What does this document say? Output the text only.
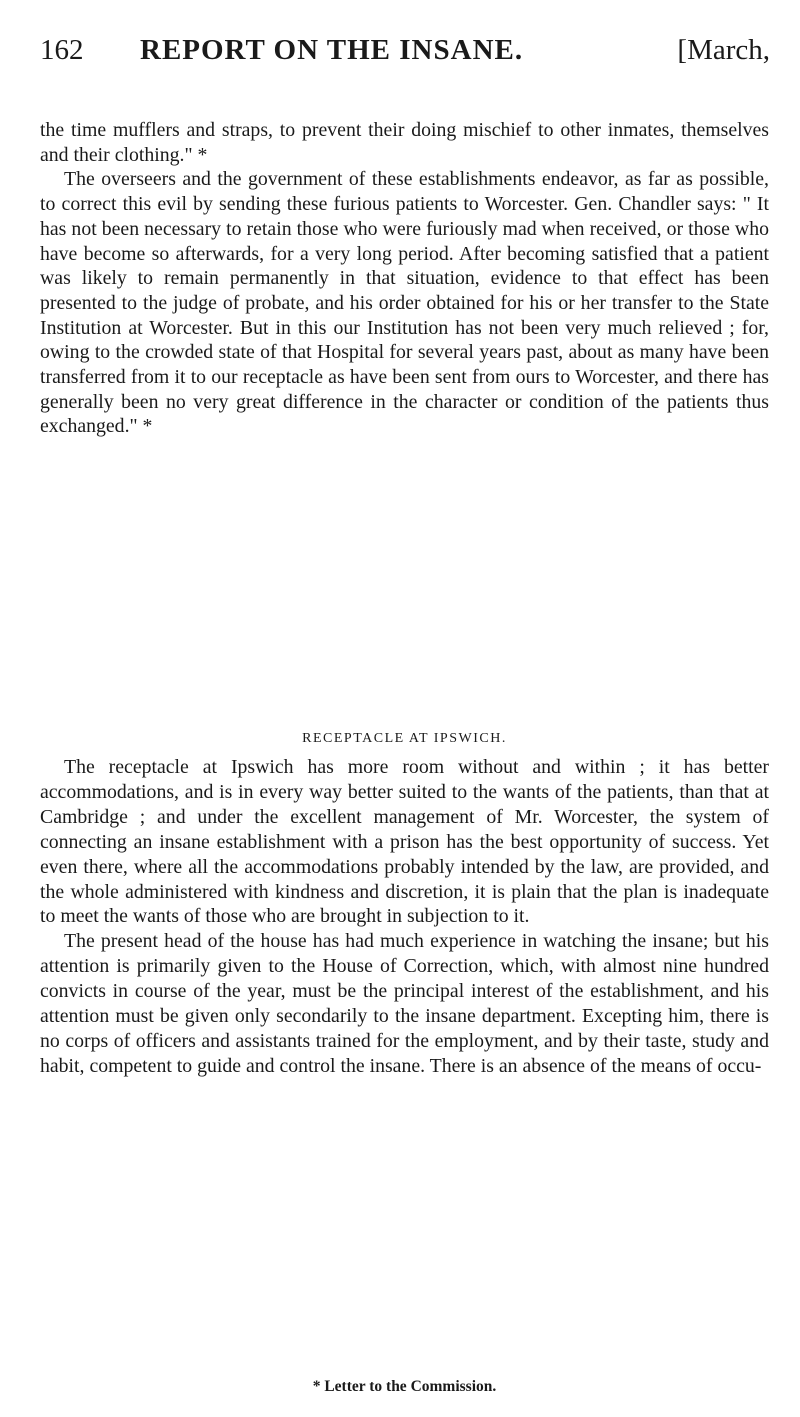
162 REPORT ON THE INSANE.	[March,

the time mufflers and straps, to prevent their doing mischief to other inmates, themselves and their clothing." *

The overseers and the government of these establishments endeavor, as far as possible, to correct this evil by sending these furious patients to Worcester. Gen. Chandler says: " It has not been necessary to retain those who were furiously mad when received, or those who have become so afterwards, for a very long period. After becoming satisfied that a patient was likely to remain permanently in that situation, evidence to that effect has been presented to the judge of probate, and his order obtained for his or her transfer to the State Institution at Worcester. But in this our Institution has not been very much relieved ; for, owing to the crowded state of that Hospital for several years past, about as many have been transferred from it to our receptacle as have been sent from ours to Worcester, and there has generally been no very great difference in the character or condition of the patients thus exchanged." *

RECEPTACLE AT IPSWICH.

The receptacle at Ipswich has more room without and within ; it has better accommodations, and is in every way better suited to the wants of the patients, than that at Cambridge ; and under the excellent management of Mr. Worcester, the system of connecting an insane establishment with a prison has the best opportunity of success. Yet even there, where all the accommodations probably intended by the law, are provided, and the whole administered with kindness and discretion, it is plain that the plan is inadequate to meet the wants of those who are brought in subjection to it.

The present head of the house has had much experience in watching the insane; but his attention is primarily given to the House of Correction, which, with almost nine hundred convicts in course of the year, must be the principal interest of the establishment, and his attention must be given only secondarily to the insane department. Excepting him, there is no corps of officers and assistants trained for the employment, and by their taste, study and habit, competent to guide and control the insane. There is an absence of the means of occu-

* Letter to the Commission.
